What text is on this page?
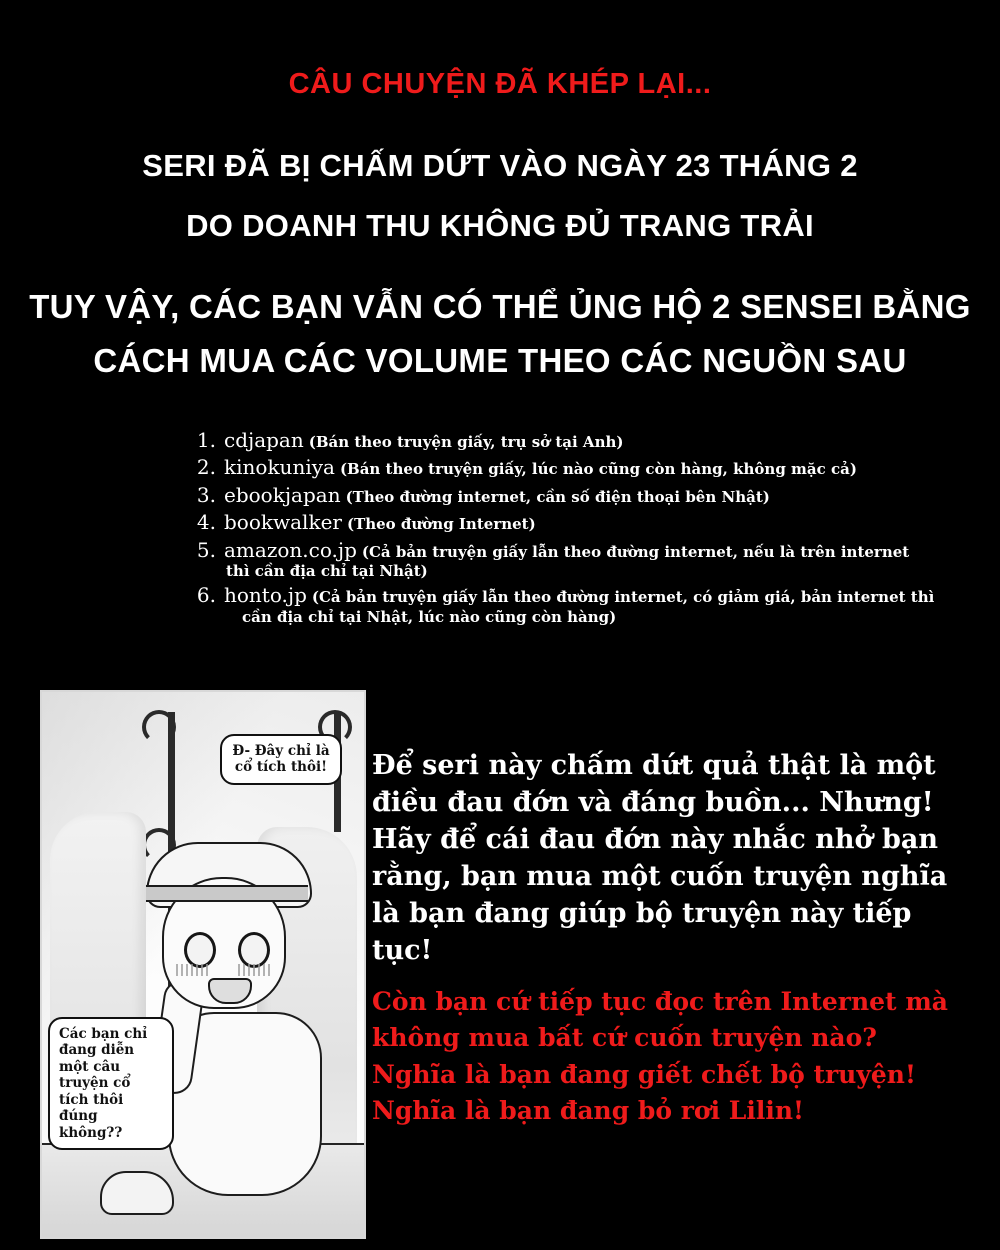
CÂU CHUYỆN ĐÃ KHÉP LẠI...
SERI ĐÃ BỊ CHẤM DỨT VÀO NGÀY 23 THÁNG 2
DO DOANH THU KHÔNG ĐỦ TRANG TRẢI
TUY VẬY, CÁC BẠN VẪN CÓ THỂ ỦNG HỘ 2 SENSEI BẰNG
CÁCH MUA CÁC VOLUME THEO CÁC NGUỒN SAU
1. cdjapan (Bán theo truyện giấy, trụ sở tại Anh)
2. kinokuniya (Bán theo truyện giấy, lúc nào cũng còn hàng, không mặc cả)
3. ebookjapan (Theo đường internet, cần số điện thoại bên Nhật)
4. bookwalker (Theo đường Internet)
5. amazon.co.jp (Cả bản truyện giấy lẫn theo đường internet, nếu là trên internet
thì cần địa chỉ tại Nhật)
6. honto.jp (Cả bản truyện giấy lẫn theo đường internet, có giảm giá, bản internet thì
cần địa chỉ tại Nhật, lúc nào cũng còn hàng)
Đ- Đây chỉ là cổ tích thôi!
Các bạn chỉ đang diễn một câu truyện cổ tích thôi đúng không??

Để seri này chấm dứt quả thật là một điều đau đớn và đáng buồn... Nhưng! Hãy để cái đau đớn này nhắc nhở bạn rằng, bạn mua một cuốn truyện nghĩa là bạn đang giúp bộ truyện này tiếp tục!

Còn bạn cứ tiếp tục đọc trên Internet mà
không mua bất cứ cuốn truyện nào?
Nghĩa là bạn đang giết chết bộ truyện!
Nghĩa là bạn đang bỏ rơi Lilin!
